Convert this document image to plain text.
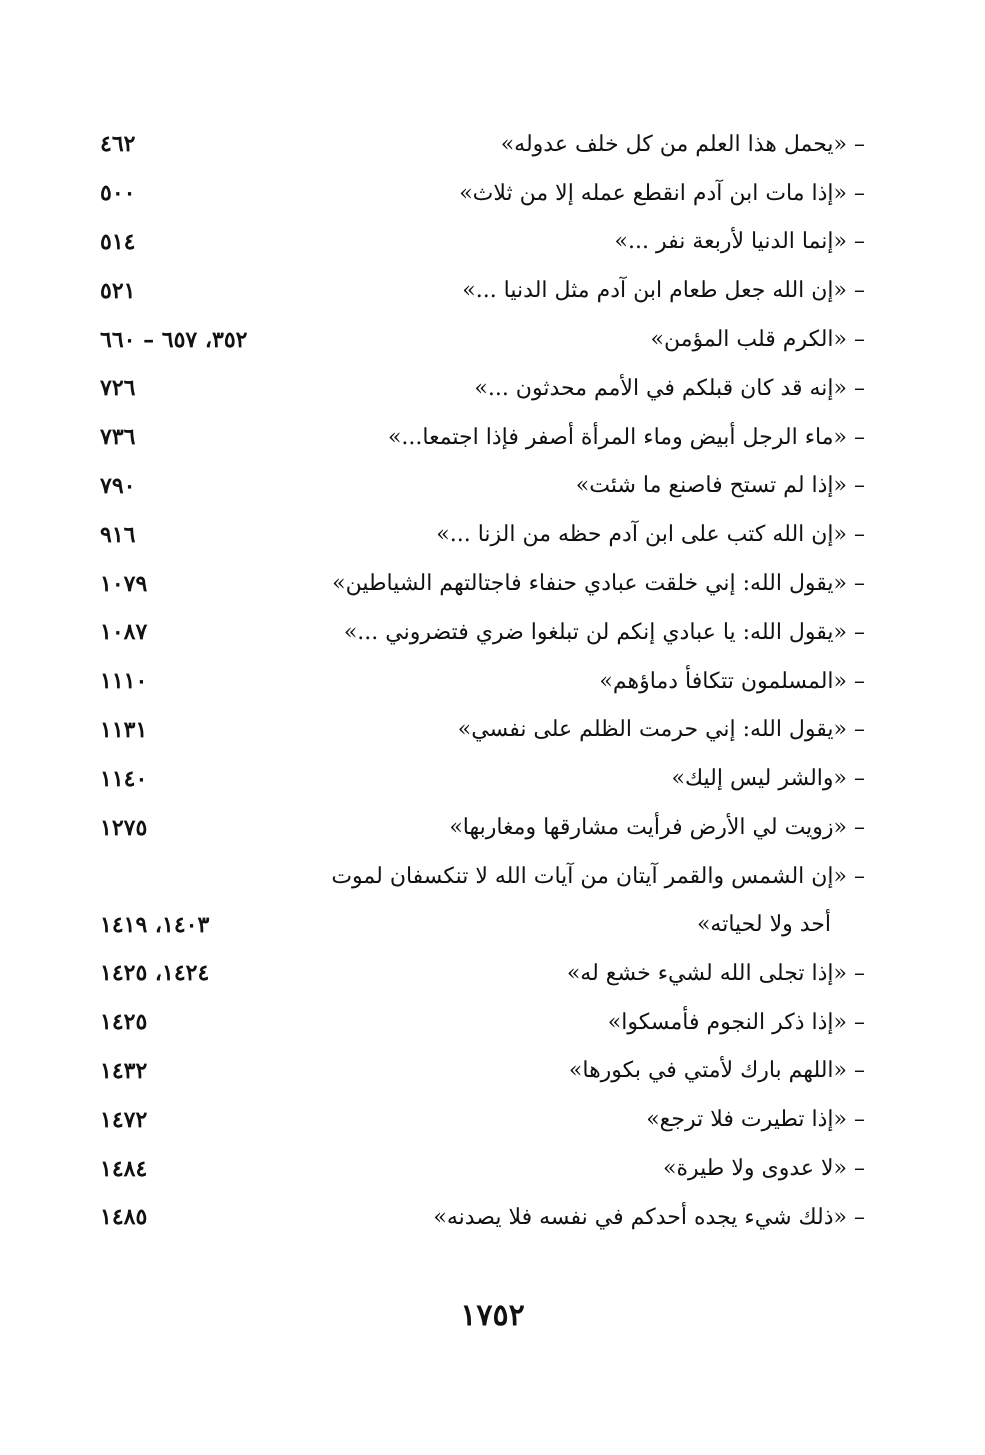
– «يحمل هذا العلم من كل خلف عدوله»
٤٦٢
– «إذا مات ابن آدم انقطع عمله إلا من ثلاث»
٥٠٠
– «إنما الدنيا لأربعة نفر ...»
٥١٤
– «إن الله جعل طعام ابن آدم مثل الدنيا ...»
٥٢١
– «الكرم قلب المؤمن»
٣٥٢، ٦٥٧ – ٦٦٠
– «إنه قد كان قبلكم في الأمم محدثون ...»
٧٢٦
– «ماء الرجل أبيض وماء المرأة أصفر فإذا اجتمعا...»
٧٣٦
– «إذا لم تستح فاصنع ما شئت»
٧٩٠
– «إن الله كتب على ابن آدم حظه من الزنا ...»
٩١٦
– «يقول الله: إني خلقت عبادي حنفاء فاجتالتهم الشياطين»
١٠٧٩
– «يقول الله: يا عبادي إنكم لن تبلغوا ضري فتضروني ...»
١٠٨٧
– «المسلمون تتكافأ دماؤهم»
١١١٠
– «يقول الله: إني حرمت الظلم على نفسي»
١١٣١
– «والشر ليس إليك»
١١٤٠
– «زويت لي الأرض فرأيت مشارقها ومغاربها»
١٢٧٥
– «إن الشمس والقمر آيتان من آيات الله لا تنكسفان لموت
أحد ولا لحياته»
١٤٠٣، ١٤١٩
– «إذا تجلى الله لشيء خشع له»
١٤٢٤، ١٤٢٥
– «إذا ذكر النجوم فأمسكوا»
١٤٢٥
– «اللهم بارك لأمتي في بكورها»
١٤٣٢
– «إذا تطيرت فلا ترجع»
١٤٧٢
– «لا عدوى ولا طيرة»
١٤٨٤
– «ذلك شيء يجده أحدكم في نفسه فلا يصدنه»
١٤٨٥
١٧٥٢
